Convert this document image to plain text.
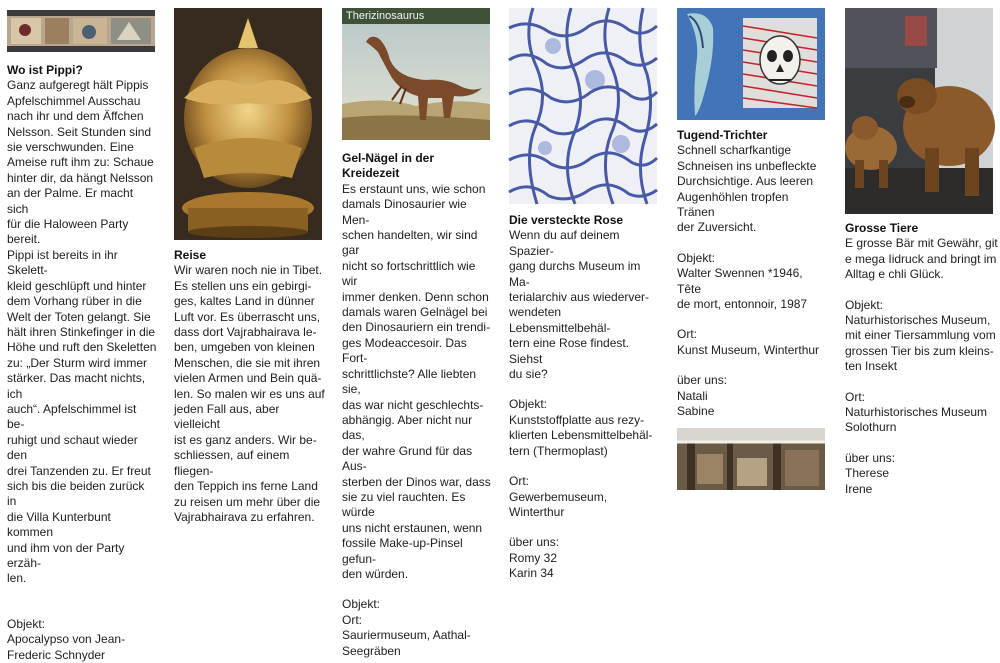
Wo ist Pippi?

Ganz aufgeregt hält Pippis
Apfelschimmel Ausschau
nach ihr und dem Äffchen
Nelsson. Seit Stunden sind
sie verschwunden. Eine
Ameise ruft ihm zu: Schaue
hinter dir, da hängt Nelsson
an der Palme. Er macht sich
für die Haloween Party bereit.
Pippi ist bereits in ihr Skelett-
kleid geschlüpft und hinter
dem Vorhang rüber in die
Welt der Toten gelangt. Sie
hält ihren Stinkefinger in die
Höhe und ruft den Skeletten
zu: „Der Sturm wird immer
stärker. Das macht nichts, ich
auch“. Apfelschimmel ist be-
ruhigt und schaut wieder den
drei Tanzenden zu. Er freut
sich bis die beiden zurück in
die Villa Kunterbunt kommen
und ihm von der Party erzäh-
len.

Objekt:

Apocalypso von Jean-
Frederic Schnyder

Reise

Wir waren noch nie in Tibet.
Es stellen uns ein gebirgi-
ges, kaltes Land in dünner
Luft vor. Es überrascht uns,
dass dort Vajrabhairava le-
ben, umgeben von kleinen
Menschen, die sie mit ihren
vielen Armen und Bein quä-
len. So malen wir es uns auf
jeden Fall aus, aber vielleicht
ist es ganz anders. Wir be-
schliessen, auf einem fliegen-
den Teppich ins ferne Land
zu reisen um mehr über die
Vajrabhairava zu erfahren.

Therizinosaurus
Gel-Nägel in der Kreidezeit

Es erstaunt uns, wie schon
damals Dinosaurier wie Men-
schen handelten, wir sind gar
nicht so fortschrittlich wie wir
immer denken. Denn schon
damals waren Gelnägel bei
den Dinosauriern ein trendi-
ges Modeaccesoir. Das Fort-
schrittlichste? Alle liebten sie,
das war nicht geschlechts-
abhängig. Aber nicht nur das,
der wahre Grund für das Aus-
sterben der Dinos war, dass
sie zu viel rauchten. Es würde
uns nicht erstaunen, wenn
fossile Make-up-Pinsel gefun-
den würden.

Objekt:

Ort:

Sauriermuseum, Aathal-
Seegräben

Die versteckte Rose

Wenn du auf deinem Spazier-
gang durchs Museum im Ma-
terialarchiv aus wiederver-
wendeten Lebensmittelbehäl-
tern eine Rose findest. Siehst
du sie?

Objekt:

Kunststoffplatte aus rezy-
klierten Lebensmittelbehäl-
tern (Thermoplast)

Ort:

Gewerbemuseum, Winterthur

über uns:

Romy 32
Karin 34

Tugend-Trichter

Schnell scharfkantige
Schneisen ins unbefleckte
Durchsichtige. Aus leeren
Augenhöhlen tropfen Tränen
der Zuversicht.

Objekt:

Walter Swennen *1946, Tête
de mort, entonnoir, 1987

Ort:

Kunst Museum, Winterthur

über uns:

Natali
Sabine

Grosse Tiere

E grosse Bär mit Gewähr, git
e mega Iidruck and bringt im
Alltag e chli Glück.

Objekt:

Naturhistorisches Museum,
mit einer Tiersammlung vom
grossen Tier bis zum kleins-
ten Insekt

Ort:

Naturhistorisches Museum
Solothurn

über uns:

Therese
Irene
